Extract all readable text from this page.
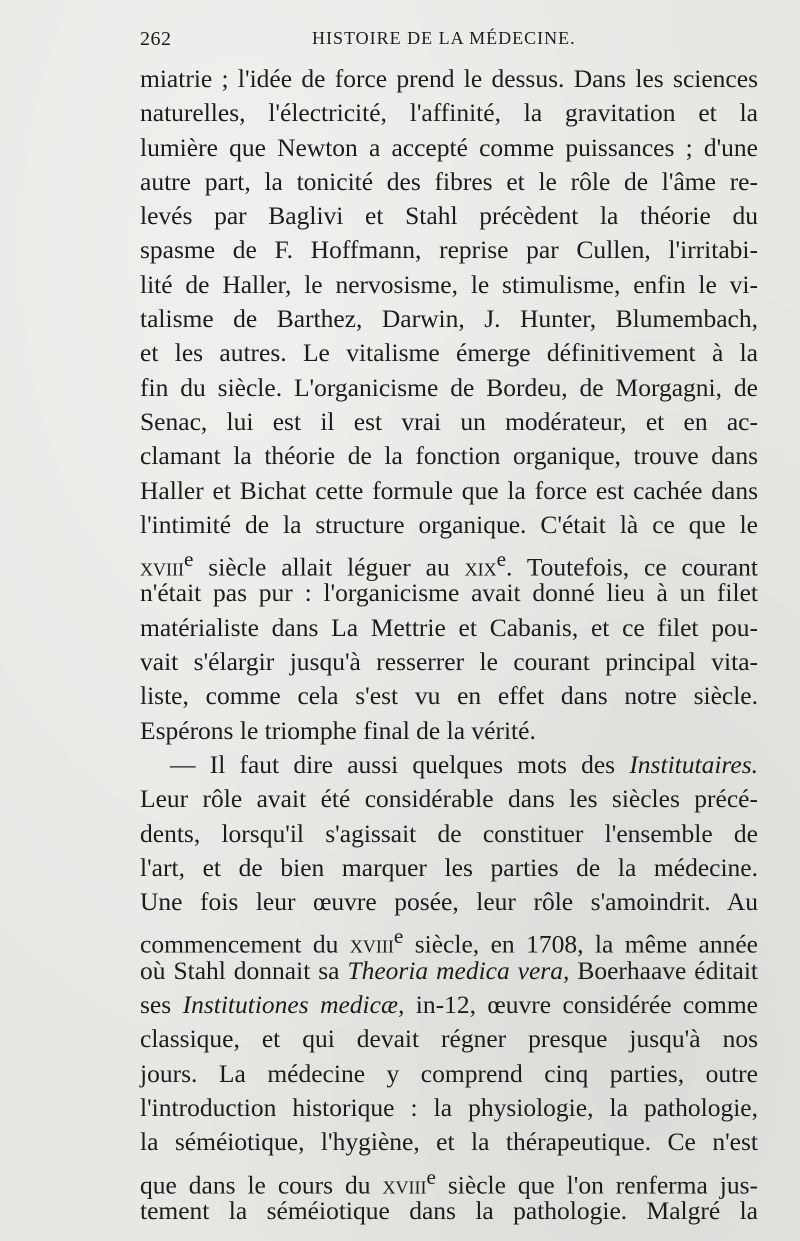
262	HISTOIRE DE LA MÉDECINE.
miatrie ; l'idée de force prend le dessus. Dans les sciences
naturelles, l'électricité, l'affinité, la gravitation et la
lumière que Newton a accepté comme puissances ; d'une
autre part, la tonicité des fibres et le rôle de l'âme re-
levés par Baglivi et Stahl précèdent la théorie du
spasme de F. Hoffmann, reprise par Cullen, l'irritabi-
lité de Haller, le nervosisme, le stimulisme, enfin le vi-
talisme de Barthez, Darwin, J. Hunter, Blumembach,
et les autres. Le vitalisme émerge définitivement à la
fin du siècle. L'organicisme de Bordeu, de Morgagni, de
Senac, lui est il est vrai un modérateur, et en ac-
clamant la théorie de la fonction organique, trouve dans
Haller et Bichat cette formule que la force est cachée dans
l'intimité de la structure organique. C'était là ce que le
xviii$^e$ siècle allait léguer au xix$^e$. Toutefois, ce courant
n'était pas pur : l'organicisme avait donné lieu à un filet
matérialiste dans La Mettrie et Cabanis, et ce filet pou-
vait s'élargir jusqu'à resserrer le courant principal vita-
liste, comme cela s'est vu en effet dans notre siècle.
Espérons le triomphe final de la vérité.
— Il faut dire aussi quelques mots des Institutaires.
Leur rôle avait été considérable dans les siècles précé-
dents, lorsqu'il s'agissait de constituer l'ensemble de
l'art, et de bien marquer les parties de la médecine.
Une fois leur œuvre posée, leur rôle s'amoindrit. Au
commencement du xviii$^e$ siècle, en 1708, la même année
où Stahl donnait sa Theoria medica vera, Boerhaave éditait
ses Institutiones medicæ, in-12, œuvre considérée comme
classique, et qui devait régner presque jusqu'à nos
jours. La médecine y comprend cinq parties, outre
l'introduction historique : la physiologie, la pathologie,
la séméiotique, l'hygiène, et la thérapeutique. Ce n'est
que dans le cours du xviii$^e$ siècle que l'on renferma jus-
tement la séméiotique dans la pathologie. Malgré la
